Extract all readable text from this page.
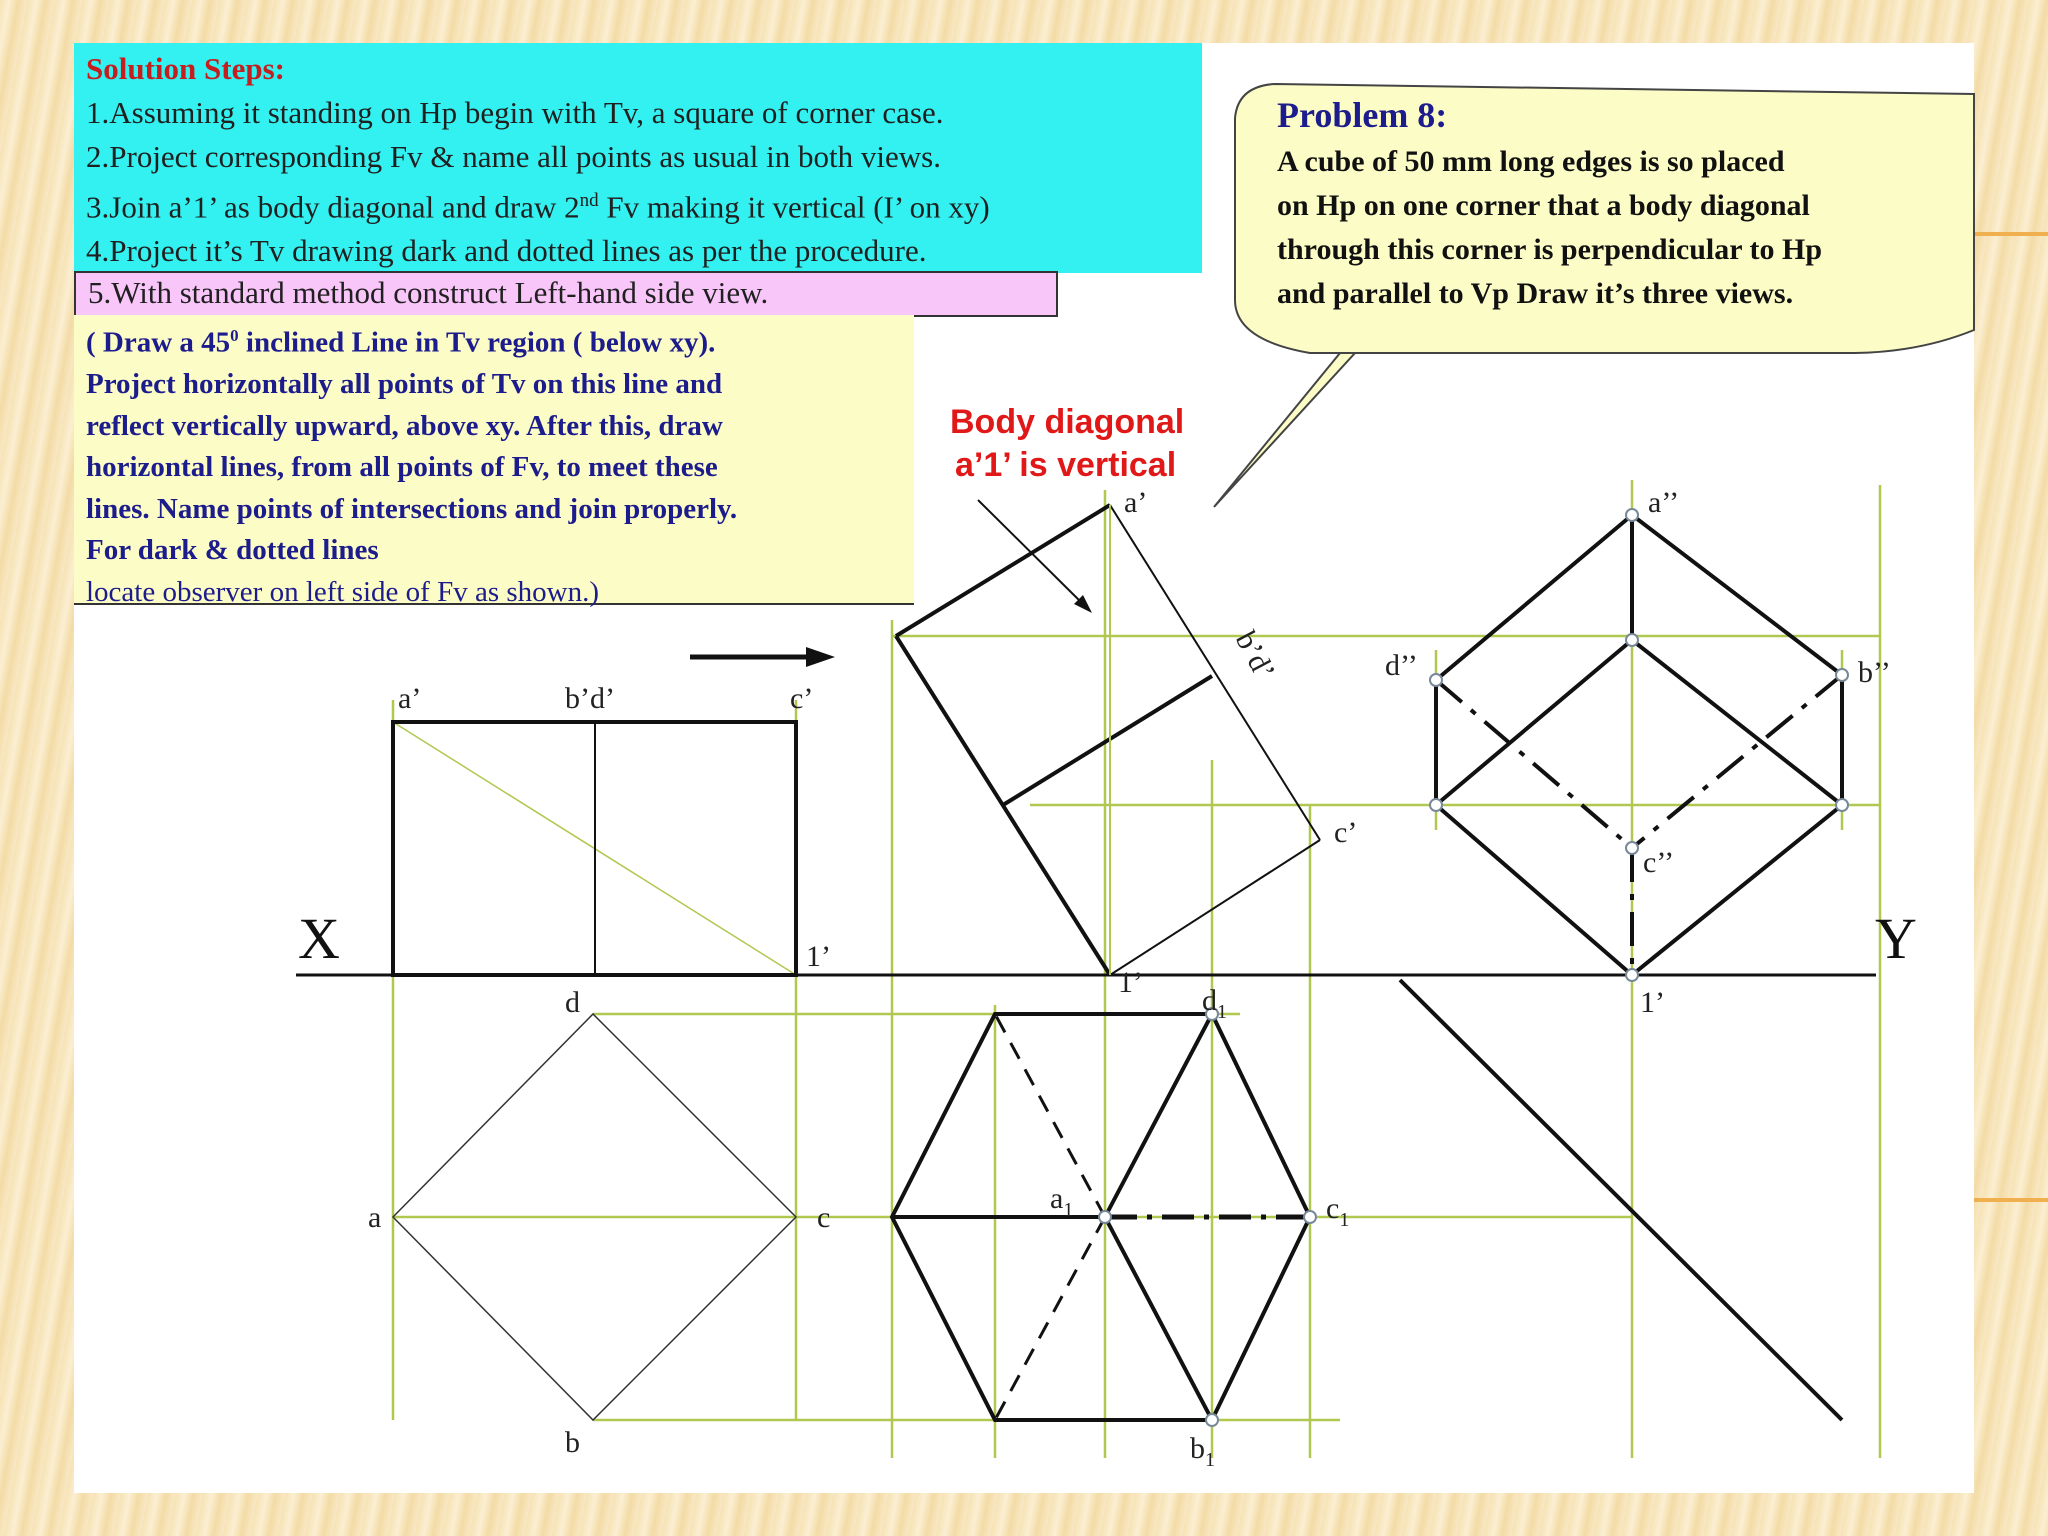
Solution Steps:
1.Assuming it standing on Hp begin with Tv, a square of corner case.
2.Project corresponding Fv & name all points as usual in both views.
3.Join a’1’ as body diagonal and draw 2nd Fv making it vertical (I’ on xy)
4.Project it’s Tv drawing dark and dotted lines as per the procedure.
5.With standard method construct Left-hand side view.
( Draw a $45^0$ inclined Line in Tv region ( below xy).
Project horizontally all points of Tv on this line and
reflect vertically upward, above xy. After this, draw
horizontal lines, from all points of Fv, to meet these
lines. Name points of intersections and join properly.
For dark & dotted lines
locate observer on left side of Fv as shown.)
X	Y
a’	b’d’	c’
1’
d
a	c
b
a’
b’d’
c’
1’
$d_1$
$a_1$	$c_1$
$b_1$
a’’
d’’	b’’
c’’
1’
Problem 8:
A cube of 50 mm long edges is so placed
on Hp on one corner that a body diagonal
through this corner is perpendicular to Hp
and parallel to Vp Draw it’s three views.
Body diagonal
a’1’ is vertical
